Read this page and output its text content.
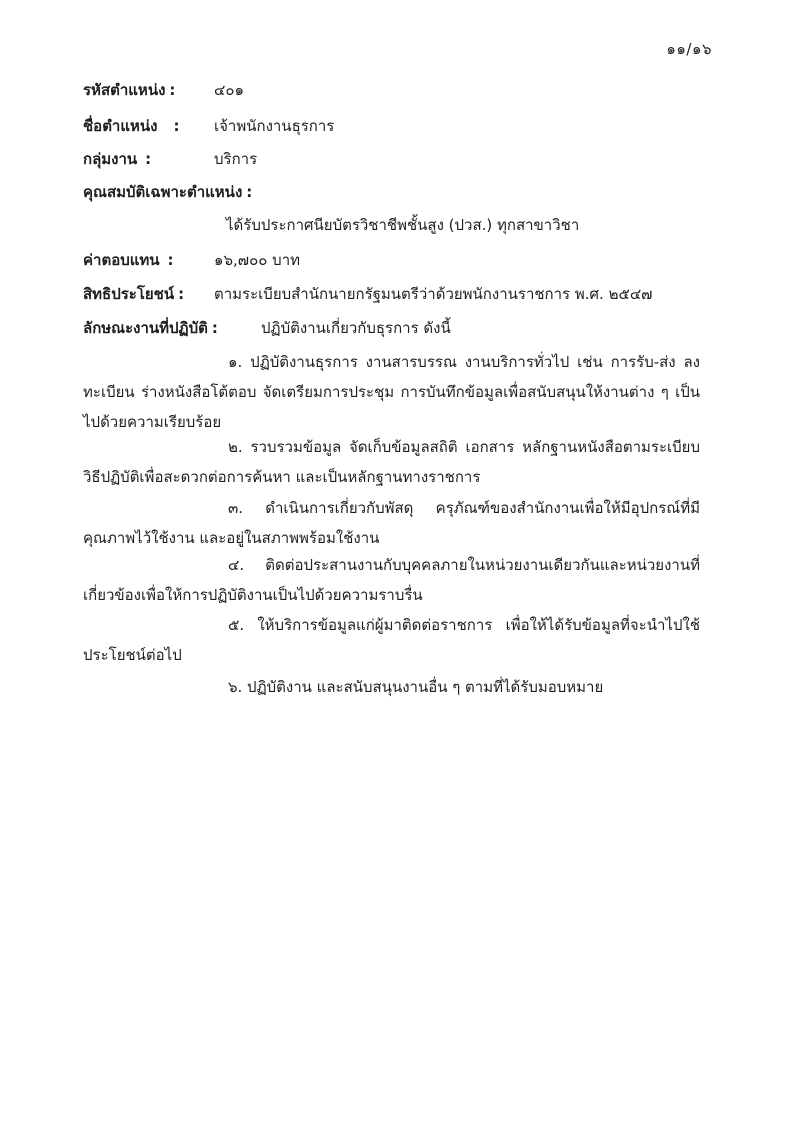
๑๑/๑๖
รหัสตำแหน่ง :	๔๐๑
ชื่อตำแหน่ง : เจ้าพนักงานธุรการ
กลุ่มงาน :	บริการ
คุณสมบัติเฉพาะตำแหน่ง :
ได้รับประกาศนียบัตรวิชาชีพชั้นสูง (ปวส.) ทุกสาขาวิชา
ค่าตอบแทน :	๑๖,๗๐๐ บาท
สิทธิประโยชน์ : ตามระเบียบสำนักนายกรัฐมนตรีว่าด้วยพนักงานราชการ พ.ศ. ๒๕๔๗
ลักษณะงานที่ปฏิบัติ :	ปฏิบัติงานเกี่ยวกับธุรการ ดังนี้
๑. ปฏิบัติงานธุรการ งานสารบรรณ งานบริการทั่วไป เช่น การรับ-ส่ง ลงทะเบียน ร่างหนังสือโต้ตอบ จัดเตรียมการประชุม การบันทึกข้อมูลเพื่อสนับสนุนให้งานต่าง ๆ เป็นไปด้วยความเรียบร้อย
๒. รวบรวมข้อมูล จัดเก็บข้อมูลสถิติ เอกสาร หลักฐานหนังสือตามระเบียบวิธีปฏิบัติเพื่อสะดวกต่อการค้นหา และเป็นหลักฐานทางราชการ
๓. ดำเนินการเกี่ยวกับพัสดุ ครุภัณฑ์ของสำนักงานเพื่อให้มีอุปกรณ์ที่มีคุณภาพไว้ใช้งาน และอยู่ในสภาพพร้อมใช้งาน
๔. ติดต่อประสานงานกับบุคคลภายในหน่วยงานเดียวกันและหน่วยงานที่เกี่ยวข้องเพื่อให้การปฏิบัติงานเป็นไปด้วยความราบรื่น
๕. ให้บริการข้อมูลแก่ผู้มาติดต่อราชการ เพื่อให้ได้รับข้อมูลที่จะนำไปใช้ประโยชน์ต่อไป
๖. ปฏิบัติงาน และสนับสนุนงานอื่น ๆ ตามที่ได้รับมอบหมาย
